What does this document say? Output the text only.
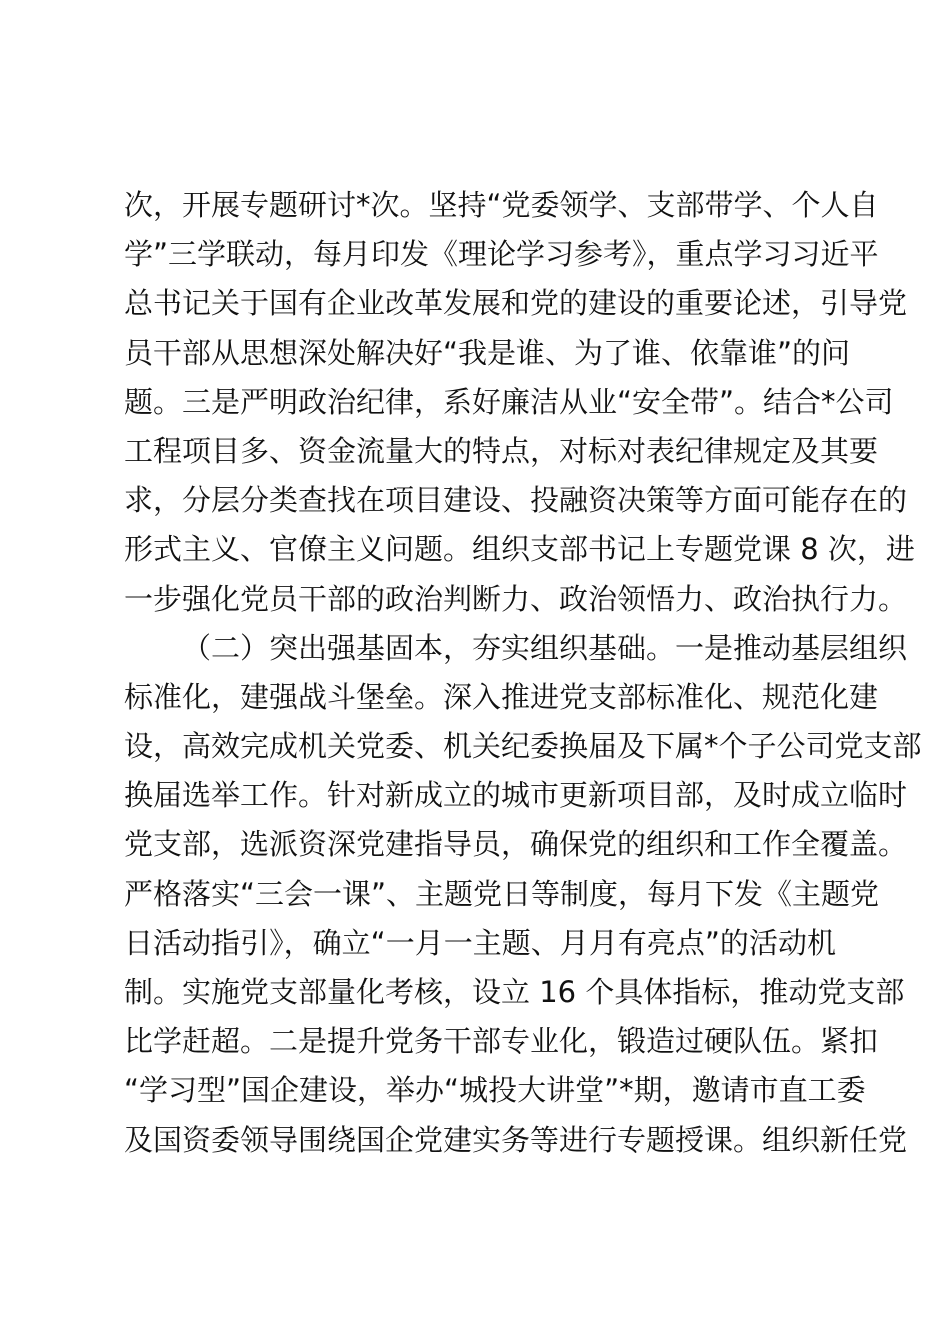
次，开展专题研讨*次。坚持“党委领学、支部带学、个人自
学”三学联动，每月印发《理论学习参考》，重点学习习近平
总书记关于国有企业改革发展和党的建设的重要论述，引导党
员干部从思想深处解决好“我是谁、为了谁、依靠谁”的问
题。三是严明政治纪律，系好廉洁从业“安全带”。结合*公司
工程项目多、资金流量大的特点，对标对表纪律规定及其要
求，分层分类查找在项目建设、投融资决策等方面可能存在的
形式主义、官僚主义问题。组织支部书记上专题党课 8 次，进
一步强化党员干部的政治判断力、政治领悟力、政治执行力。
（二）突出强基固本，夯实组织基础。一是推动基层组织
标准化，建强战斗堡垒。深入推进党支部标准化、规范化建
设，高效完成机关党委、机关纪委换届及下属*个子公司党支部
换届选举工作。针对新成立的城市更新项目部，及时成立临时
党支部，选派资深党建指导员，确保党的组织和工作全覆盖。
严格落实“三会一课”、主题党日等制度，每月下发《主题党
日活动指引》，确立“一月一主题、月月有亮点”的活动机
制。实施党支部量化考核，设立 16 个具体指标，推动党支部
比学赶超。二是提升党务干部专业化，锻造过硬队伍。紧扣
“学习型”国企建设，举办“城投大讲堂”*期，邀请市直工委
及国资委领导围绕国企党建实务等进行专题授课。组织新任党
